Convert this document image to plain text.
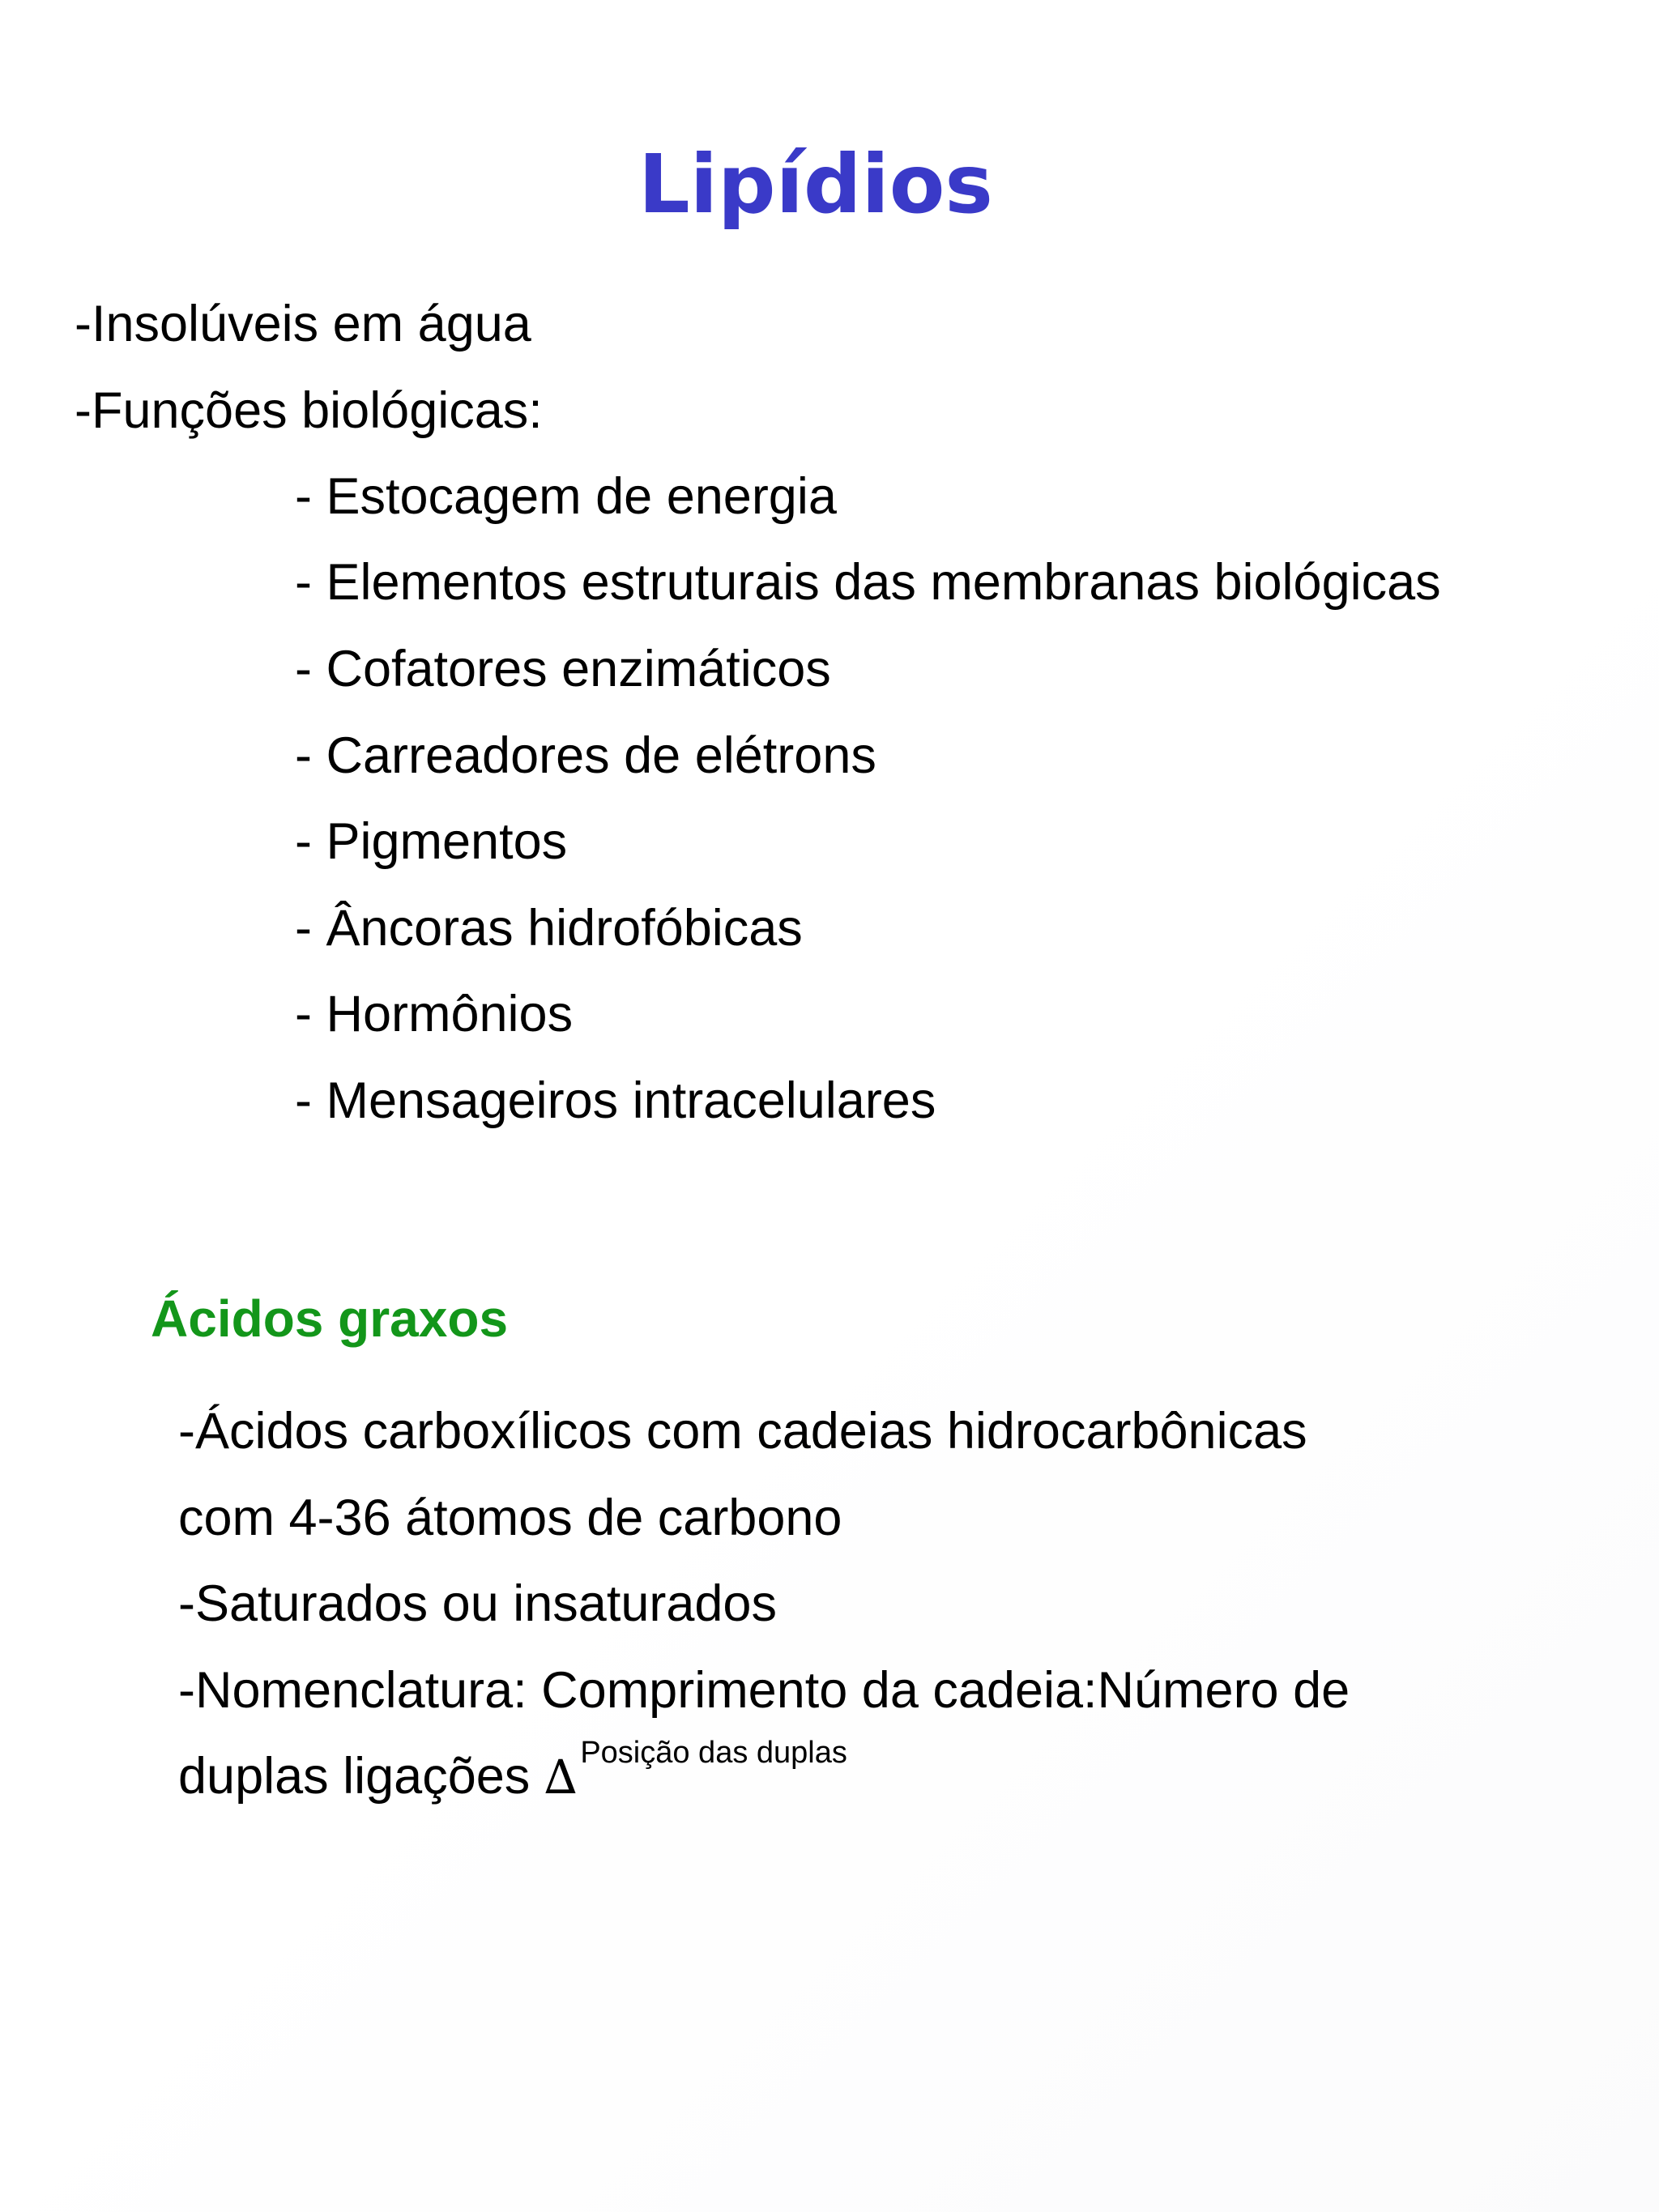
Lipídios

-Insolúveis em água

-Funções biológicas:

- Estocagem de energia

- Elementos estruturais das membranas biológicas

- Cofatores enzimáticos

- Carreadores de elétrons

- Pigmentos

- Âncoras hidrofóbicas

- Hormônios

- Mensageiros intracelulares

Ácidos graxos

-Ácidos carboxílicos com cadeias hidrocarbônicas

com 4-36 átomos de carbono

-Saturados ou insaturados

-Nomenclatura: Comprimento da cadeia:Número de

duplas ligações ∆ $^{Posição das duplas}$
